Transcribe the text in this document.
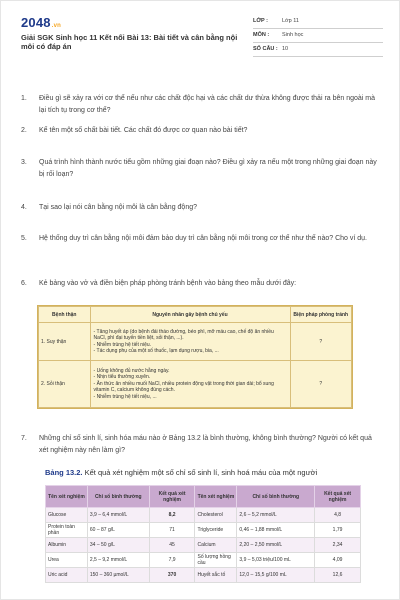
2048.vn
Giải SGK Sinh học 11 Kết nối Bài 13: Bài tiết và cân bằng nội môi có đáp án
LỚP :	Lớp 11
MÔN : Sinh học
SỐ CÂU : 10
1.	Điều gì sẽ xảy ra với cơ thể nếu như các chất độc hại và các chất dư thừa không được thải ra bên ngoài mà lại tích tụ trong cơ thể?
2.	Kể tên một số chất bài tiết. Các chất đó được cơ quan nào bài tiết?
3.	Quá trình hình thành nước tiểu gồm những giai đoạn nào? Điều gì xảy ra nếu một trong những giai đoạn này bị rối loạn?
4.	Tại sao lại nói cân bằng nội môi là cân bằng động?
5.	Hệ thống duy trì cân bằng nội môi đảm bảo duy trì cân bằng nội môi trong cơ thể như thế nào? Cho ví dụ.
6.	Kẻ bảng vào vở và điền biện pháp phòng tránh bệnh vào bảng theo mẫu dưới đây:
Bệnh thận	Nguyên nhân gây bệnh chủ yếu	Biện pháp phòng tránh
1. Suy thận	- Tăng huyết áp (do bệnh đái tháo đường, béo phì, mỡ máu cao, chế độ ăn nhiều NaCl, phì đại tuyến tiền liệt, sỏi thận, ...).
- Nhiễm trùng hệ tiết niệu.
- Tác dụng phụ của một số thuốc, lạm dụng rượu, bia, ...	?
2. Sỏi thận	- Uống không đủ nước hằng ngày.
- Nhịn tiểu thường xuyên.
- Ăn thức ăn nhiều muối NaCl, nhiều protein động vật trong thời gian dài; bổ sung vitamin C, calcium không đúng cách.
- Nhiễm trùng hệ tiết niệu, ...	?
7.	Những chỉ số sinh lí, sinh hóa máu nào ở Bảng 13.2 là bình thường, không bình thường? Người có kết quả xét nghiệm này nên làm gì?
Bảng 13.2. Kết quả xét nghiệm một số chỉ số sinh lí, sinh hoá máu của một người
Tên xét nghiệm	Chỉ số bình thường	Kết quả xét nghiệm	Tên xét nghiệm	Chỉ số bình thường	Kết quả xét nghiệm
Glucose	3,9 – 6,4 mmol/L	8,2	Cholesterol	2,6 – 5,2 mmol/L	4,8
Protein toàn phần	60 – 87 g/L	71	Triglyceride	0,46 – 1,88 mmol/L	1,79
Albumin	34 – 50 g/L	45	Calcium	2,20 – 2,50 mmol/L	2,34
Urea	2,5 – 9,2 mmol/L	7,9	Số lượng hồng cầu	3,9 – 5,03 triệu/100 mL	4,09
Uric acid	150 – 360 µmol/L	370	Huyết sắc tố	12,0 – 15,5 g/100 mL	12,6
